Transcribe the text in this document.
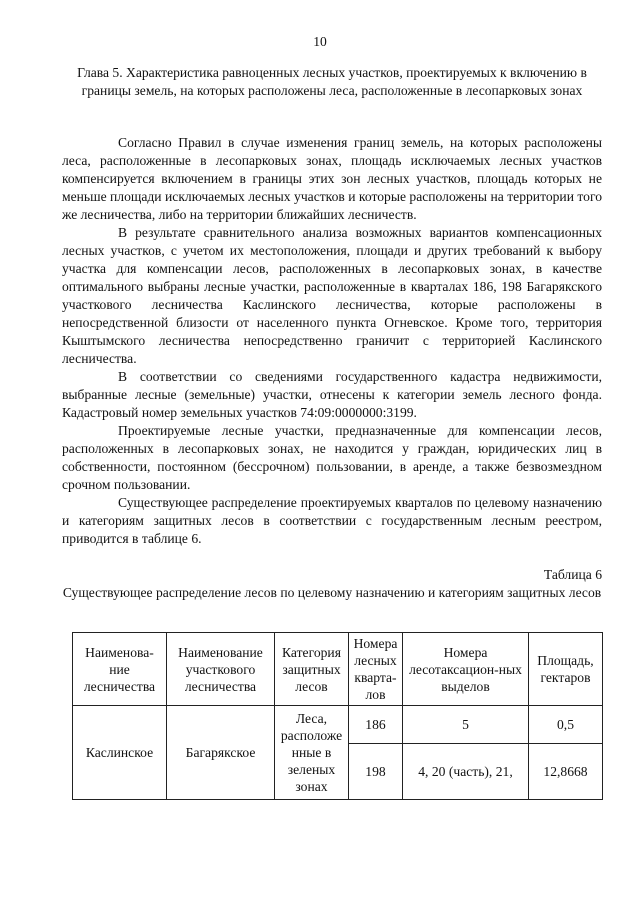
10
Глава 5. Характеристика равноценных лесных участков, проектируемых к включению в границы земель, на которых расположены леса, расположенные в лесопарковых зонах

Согласно Правил в случае изменения границ земель, на которых расположены леса, расположенные в лесопарковых зонах, площадь исключаемых лесных участков компенсируется включением в границы этих зон лесных участков, площадь которых не меньше площади исключаемых лесных участков и которые расположены на территории того же лесничества, либо на территории ближайших лесничеств.

В результате сравнительного анализа возможных вариантов компенсационных лесных участков, с учетом их местоположения, площади и других требований к выбору участка для компенсации лесов, расположенных в лесопарковых зонах, в качестве оптимального выбраны лесные участки, расположенные в кварталах 186, 198 Багарякского участкового лесничества Каслинского лесничества, которые расположены в непосредственной близости от населенного пункта Огневское. Кроме того, территория Кыштымского лесничества непосредственно граничит с территорией Каслинского лесничества.

В соответствии со сведениями государственного кадастра недвижимости, выбранные лесные (земельные) участки, отнесены к категории земель лесного фонда. Кадастровый номер земельных участков 74:09:0000000:3199.

Проектируемые лесные участки, предназначенные для компенсации лесов, расположенных в лесопарковых зонах, не находится у граждан, юридических лиц в собственности, постоянном (бессрочном) пользовании, в аренде, а также безвозмездном срочном пользовании.

Существующее распределение проектируемых кварталов по целевому назначению и категориям защитных лесов в соответствии с государственным лесным реестром, приводится в таблице 6.

Таблица 6
Существующее распределение лесов по целевому назначению и категориям защитных лесов
Наименова-ние лесничества	Наименование участкового лесничества	Категория защитных лесов	Номера лесных кварта-лов	Номера лесотаксацион-ных выделов	Площадь, гектаров
Каслинское	Багарякское	Леса, расположе нные в зеленых зонах	186	5	0,5
			198	4, 20 (часть), 21,	12,8668
